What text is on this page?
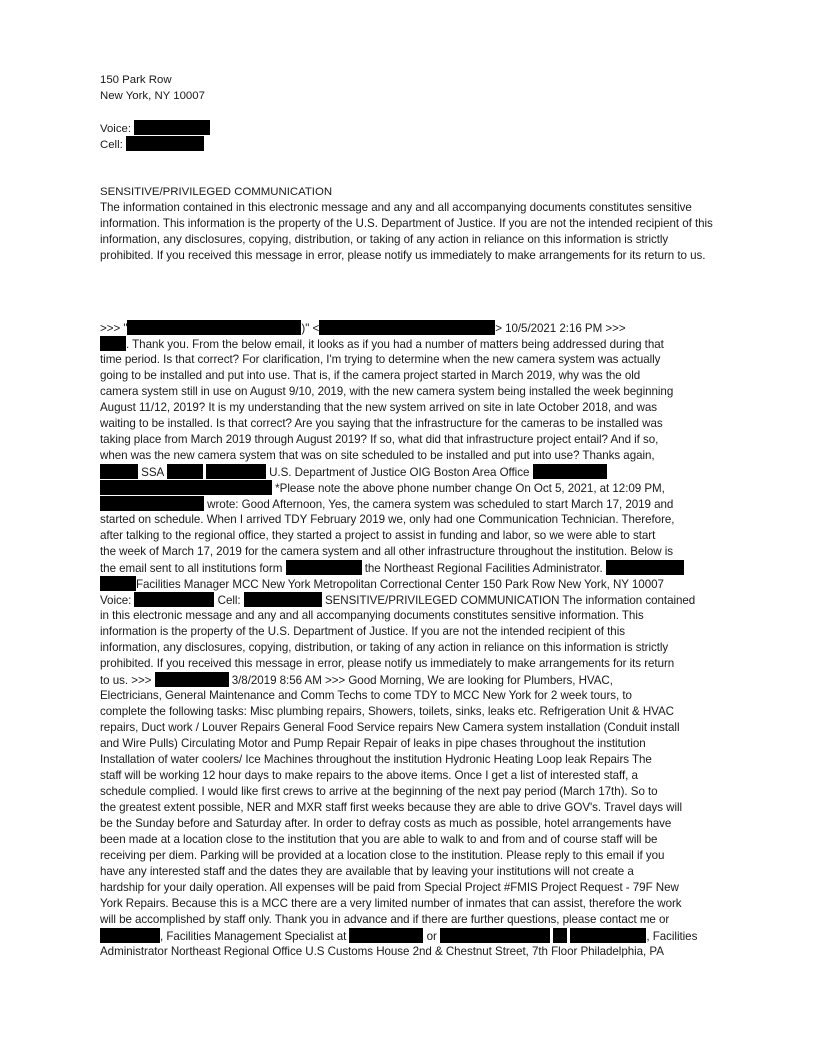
150 Park Row
New York, NY 10007
Voice:
Cell:
SENSITIVE/PRIVILEGED COMMUNICATION
The information contained in this electronic message and any and all accompanying documents constitutes sensitive information. This information is the property of the U.S. Department of Justice. If you are not the intended recipient of this information, any disclosures, copying, distribution, or taking of any action in reliance on this information is strictly prohibited. If you received this message in error, please notify us immediately to make arrangements for its return to us.
>>> "	)" <	> 10/5/2021 2:16 PM >>>
. Thank you. From the below email, it looks as if you had a number of matters being addressed during that
time period. Is that correct? For clarification, I'm trying to determine when the new camera system was actually
going to be installed and put into use. That is, if the camera project started in March 2019, why was the old
camera system still in use on August 9/10, 2019, with the new camera system being installed the week beginning
August 11/12, 2019? It is my understanding that the new system arrived on site in late October 2018, and was
waiting to be installed. Is that correct? Are you saying that the infrastructure for the cameras to be installed was
taking place from March 2019 through August 2019? If so, what did that infrastructure project entail? And if so,
when was the new camera system that was on site scheduled to be installed and put into use? Thanks again,
SSA	U.S. Department of Justice OIG Boston Area Office
*Please note the above phone number change On Oct 5, 2021, at 12:09 PM,
wrote: Good Afternoon, Yes, the camera system was scheduled to start March 17, 2019 and
started on schedule. When I arrived TDY February 2019 we, only had one Communication Technician. Therefore,
after talking to the regional office, they started a project to assist in funding and labor, so we were able to start
the week of March 17, 2019 for the camera system and all other infrastructure throughout the institution. Below is
the email sent to all institutions form	the Northeast Regional Facilities Administrator.
Facilities Manager MCC New York Metropolitan Correctional Center 150 Park Row New York, NY 10007
Voice:	Cell:	SENSITIVE/PRIVILEGED COMMUNICATION The information contained
in this electronic message and any and all accompanying documents constitutes sensitive information. This
information is the property of the U.S. Department of Justice. If you are not the intended recipient of this
information, any disclosures, copying, distribution, or taking of any action in reliance on this information is strictly
prohibited. If you received this message in error, please notify us immediately to make arrangements for its return
to us. >>>	3/8/2019 8:56 AM >>> Good Morning, We are looking for Plumbers, HVAC,
Electricians, General Maintenance and Comm Techs to come TDY to MCC New York for 2 week tours, to
complete the following tasks: Misc plumbing repairs, Showers, toilets, sinks, leaks etc. Refrigeration Unit & HVAC
repairs, Duct work / Louver Repairs General Food Service repairs New Camera system installation (Conduit install
and Wire Pulls) Circulating Motor and Pump Repair Repair of leaks in pipe chases throughout the institution
Installation of water coolers/ Ice Machines throughout the institution Hydronic Heating Loop leak Repairs The
staff will be working 12 hour days to make repairs to the above items. Once I get a list of interested staff, a
schedule complied. I would like first crews to arrive at the beginning of the next pay period (March 17th). So to
the greatest extent possible, NER and MXR staff first weeks because they are able to drive GOV's. Travel days will
be the Sunday before and Saturday after. In order to defray costs as much as possible, hotel arrangements have
been made at a location close to the institution that you are able to walk to and from and of course staff will be
receiving per diem. Parking will be provided at a location close to the institution. Please reply to this email if you
have any interested staff and the dates they are available that by leaving your institutions will not create a
hardship for your daily operation. All expenses will be paid from Special Project #FMIS Project Request - 79F New
York Repairs. Because this is a MCC there are a very limited number of inmates that can assist, therefore the work
will be accomplished by staff only. Thank you in advance and if there are further questions, please contact me or
, Facilities Management Specialist at	or	, Facilities
Administrator Northeast Regional Office U.S Customs House 2nd & Chestnut Street, 7th Floor Philadelphia, PA
